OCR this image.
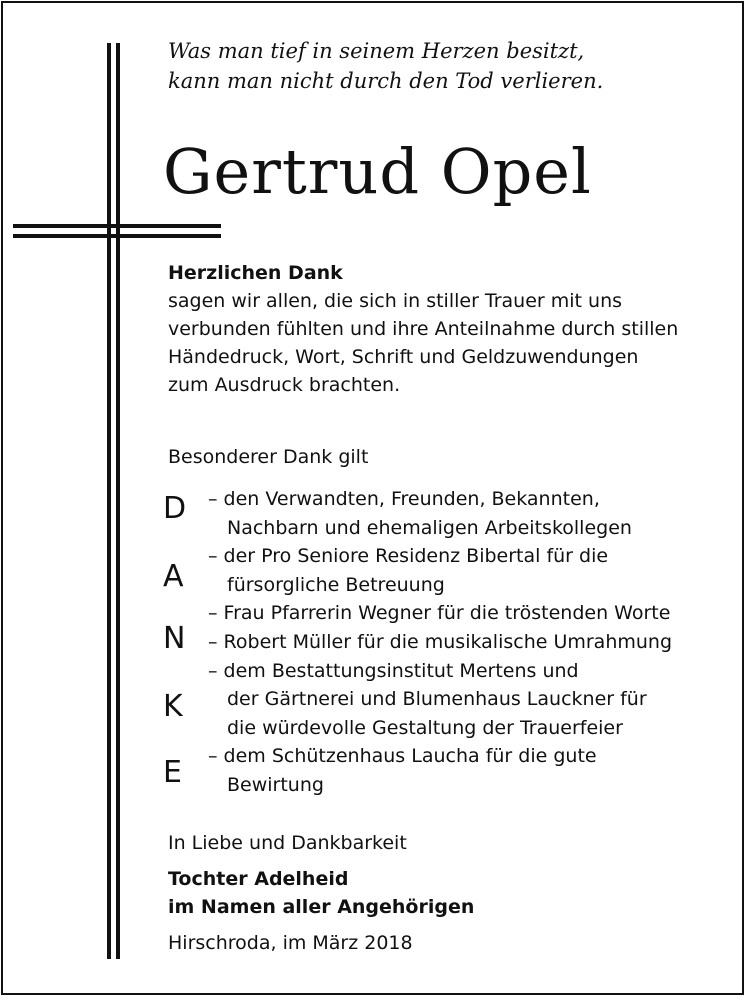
Was man tief in seinem Herzen besitzt,
kann man nicht durch den Tod verlieren.
Gertrud Opel
Herzlichen Dank
sagen wir allen, die sich in stiller Trauer mit uns
verbunden fühlten und ihre Anteilnahme durch stillen
Händedruck, Wort, Schrift und Geldzuwendungen
zum Ausdruck brachten.
Besonderer Dank gilt
D
A
N
K
E
– den Verwandten, Freunden, Bekannten,
Nachbarn und ehemaligen Arbeitskollegen
– der Pro Seniore Residenz Bibertal für die
fürsorgliche Betreuung
– Frau Pfarrerin Wegner für die tröstenden Worte
– Robert Müller für die musikalische Umrahmung
– dem Bestattungsinstitut Mertens und
der Gärtnerei und Blumenhaus Lauckner für
die würdevolle Gestaltung der Trauerfeier
– dem Schützenhaus Laucha für die gute
Bewirtung
In Liebe und Dankbarkeit
Tochter Adelheid
im Namen aller Angehörigen
Hirschroda, im März 2018
